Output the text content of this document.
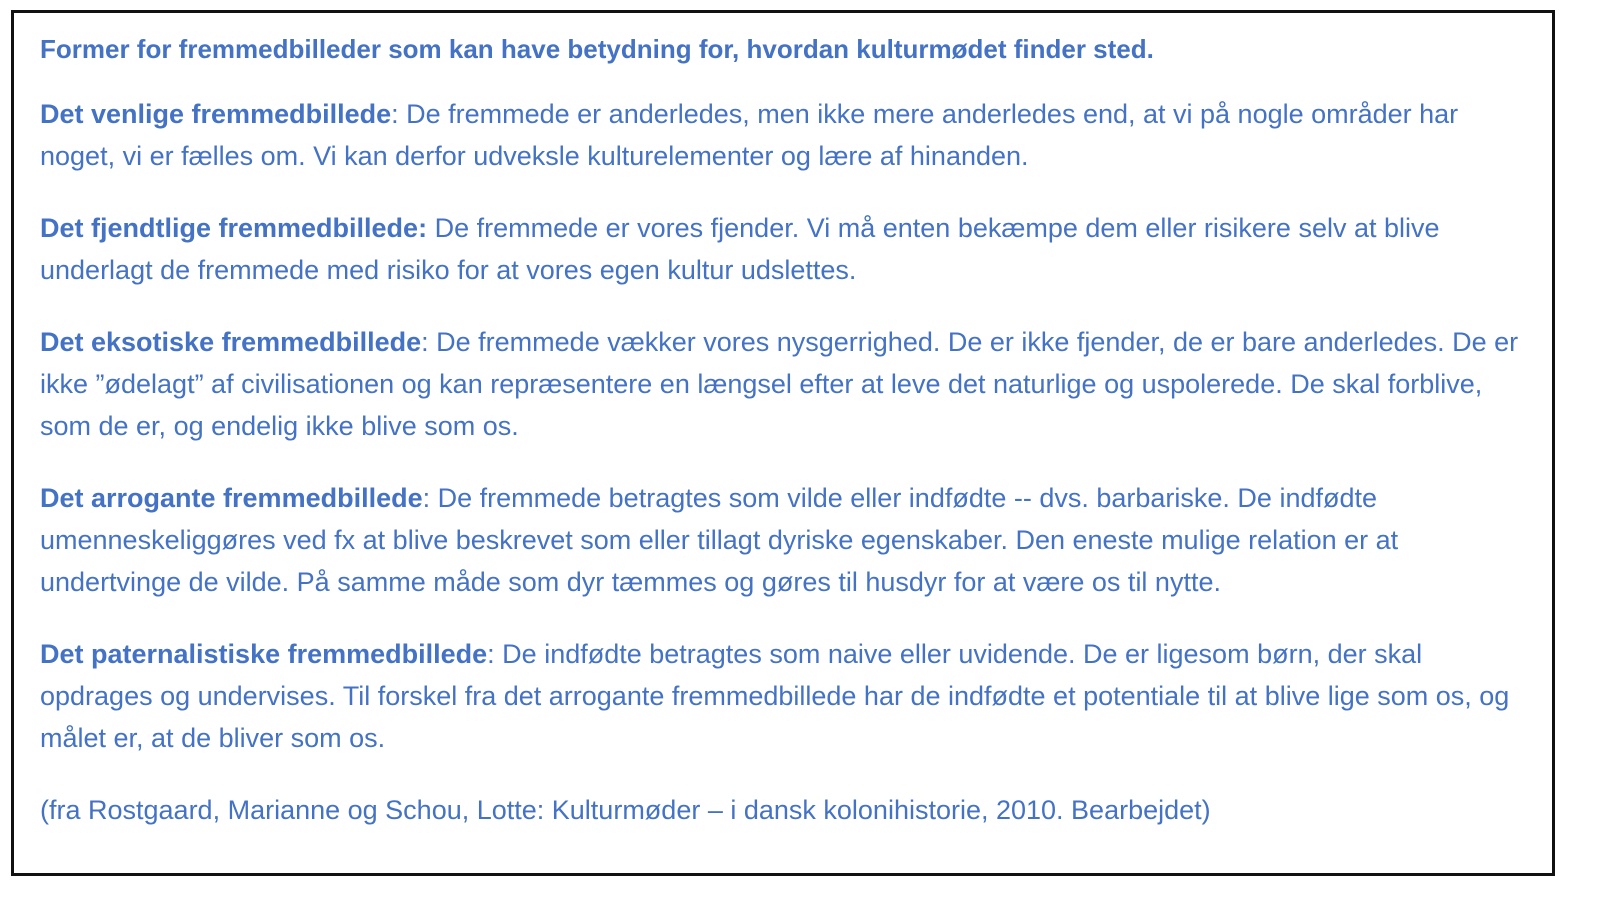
Former for fremmedbilleder som kan have betydning for, hvordan kulturmødet finder sted.

Det venlige fremmedbillede: De fremmede er anderledes, men ikke mere anderledes end, at vi på nogle områder har noget, vi er fælles om. Vi kan derfor udveksle kulturelementer og lære af hinanden.

Det fjendtlige fremmedbillede: De fremmede er vores fjender. Vi må enten bekæmpe dem eller risikere selv at blive underlagt de fremmede med risiko for at vores egen kultur udslettes.

Det eksotiske fremmedbillede: De fremmede vækker vores nysgerrighed. De er ikke fjender, de er bare anderledes. De er ikke ”ødelagt” af civilisationen og kan repræsentere en længsel efter at leve det naturlige og uspolerede. De skal forblive, som de er, og endelig ikke blive som os.

Det arrogante fremmedbillede: De fremmede betragtes som vilde eller indfødte -- dvs. barbariske. De indfødte umenneskeliggøres ved fx at blive beskrevet som eller tillagt dyriske egenskaber. Den eneste mulige relation er at undertvinge de vilde. På samme måde som dyr tæmmes og gøres til husdyr for at være os til nytte.

Det paternalistiske fremmedbillede: De indfødte betragtes som naive eller uvidende. De er ligesom børn, der skal opdrages og undervises. Til forskel fra det arrogante fremmedbillede har de indfødte et potentiale til at blive lige som os, og målet er, at de bliver som os.

(fra Rostgaard, Marianne og Schou, Lotte: Kulturmøder – i dansk kolonihistorie, 2010. Bearbejdet)
